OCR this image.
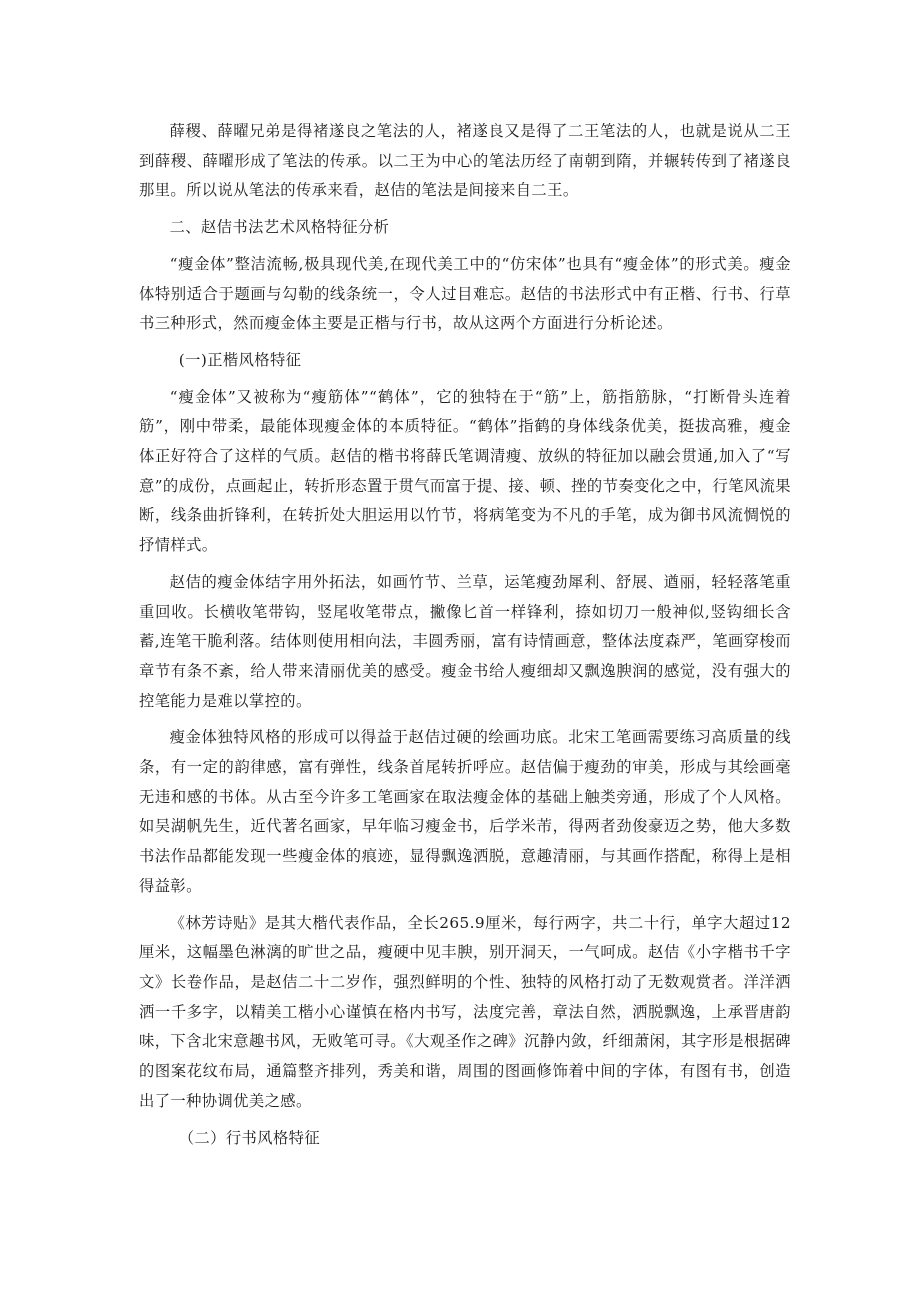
薛稷、薛曜兄弟是得褚遂良之笔法的人，褚遂良又是得了二王笔法的人，也就是说从二王到薛稷、薛曜形成了笔法的传承。以二王为中心的笔法历经了南朝到隋，并辗转传到了褚遂良那里。所以说从笔法的传承来看，赵佶的笔法是间接来自二王。

二、赵佶书法艺术风格特征分析

“瘦金体”整洁流畅,极具现代美,在现代美工中的“仿宋体”也具有“瘦金体”的形式美。瘦金体特别适合于题画与勾勒的线条统一，令人过目难忘。赵佶的书法形式中有正楷、行书、行草书三种形式，然而瘦金体主要是正楷与行书，故从这两个方面进行分析论述。

(一)正楷风格特征

“瘦金体”又被称为“瘦筋体”“鹤体”，它的独特在于“筋”上，筋指筋脉，“打断骨头连着筋”，刚中带柔，最能体现瘦金体的本质特征。“鹤体”指鹤的身体线条优美，挺拔高雅，瘦金体正好符合了这样的气质。赵佶的楷书将薛氏笔调清瘦、放纵的特征加以融会贯通,加入了“写意”的成份，点画起止，转折形态置于贯气而富于提、接、顿、挫的节奏变化之中，行笔风流果断，线条曲折锋利，在转折处大胆运用以竹节，将病笔变为不凡的手笔，成为御书风流惆悦的抒情样式。

赵佶的瘦金体结字用外拓法，如画竹节、兰草，运笔瘦劲犀利、舒展、遒丽，轻轻落笔重重回收。长横收笔带钩，竖尾收笔带点，撇像匕首一样锋利，捺如切刀一般神似,竖钩细长含蓄,连笔干脆利落。结体则使用相向法，丰圆秀丽，富有诗情画意，整体法度森严，笔画穿梭而章节有条不紊，给人带来清丽优美的感受。瘦金书给人瘦细却又飘逸腴润的感觉，没有强大的控笔能力是难以掌控的。

瘦金体独特风格的形成可以得益于赵佶过硬的绘画功底。北宋工笔画需要练习高质量的线条，有一定的韵律感，富有弹性，线条首尾转折呼应。赵佶偏于瘦劲的审美，形成与其绘画毫无违和感的书体。从古至今许多工笔画家在取法瘦金体的基础上触类旁通，形成了个人风格。如吴湖帆先生，近代著名画家，早年临习瘦金书，后学米芾，得两者劲俊豪迈之势，他大多数书法作品都能发现一些瘦金体的痕迹，显得飘逸洒脱，意趣清丽，与其画作搭配，称得上是相得益彰。

《林芳诗贴》是其大楷代表作品，全长265.9厘米，每行两字，共二十行，单字大超过12厘米，这幅墨色淋漓的旷世之品，瘦硬中见丰腴，别开洞天，一气呵成。赵佶《小字楷书千字文》长卷作品，是赵佶二十二岁作，强烈鲜明的个性、独特的风格打动了无数观赏者。洋洋洒洒一千多字，以精美工楷小心谨慎在格内书写，法度完善，章法自然，洒脱飘逸，上承晋唐韵味，下含北宋意趣书风，无败笔可寻。《大观圣作之碑》沉静内敛，纤细萧闲，其字形是根据碑的图案花纹布局，通篇整齐排列，秀美和谐，周围的图画修饰着中间的字体，有图有书，创造出了一种协调优美之感。

（二）行书风格特征
